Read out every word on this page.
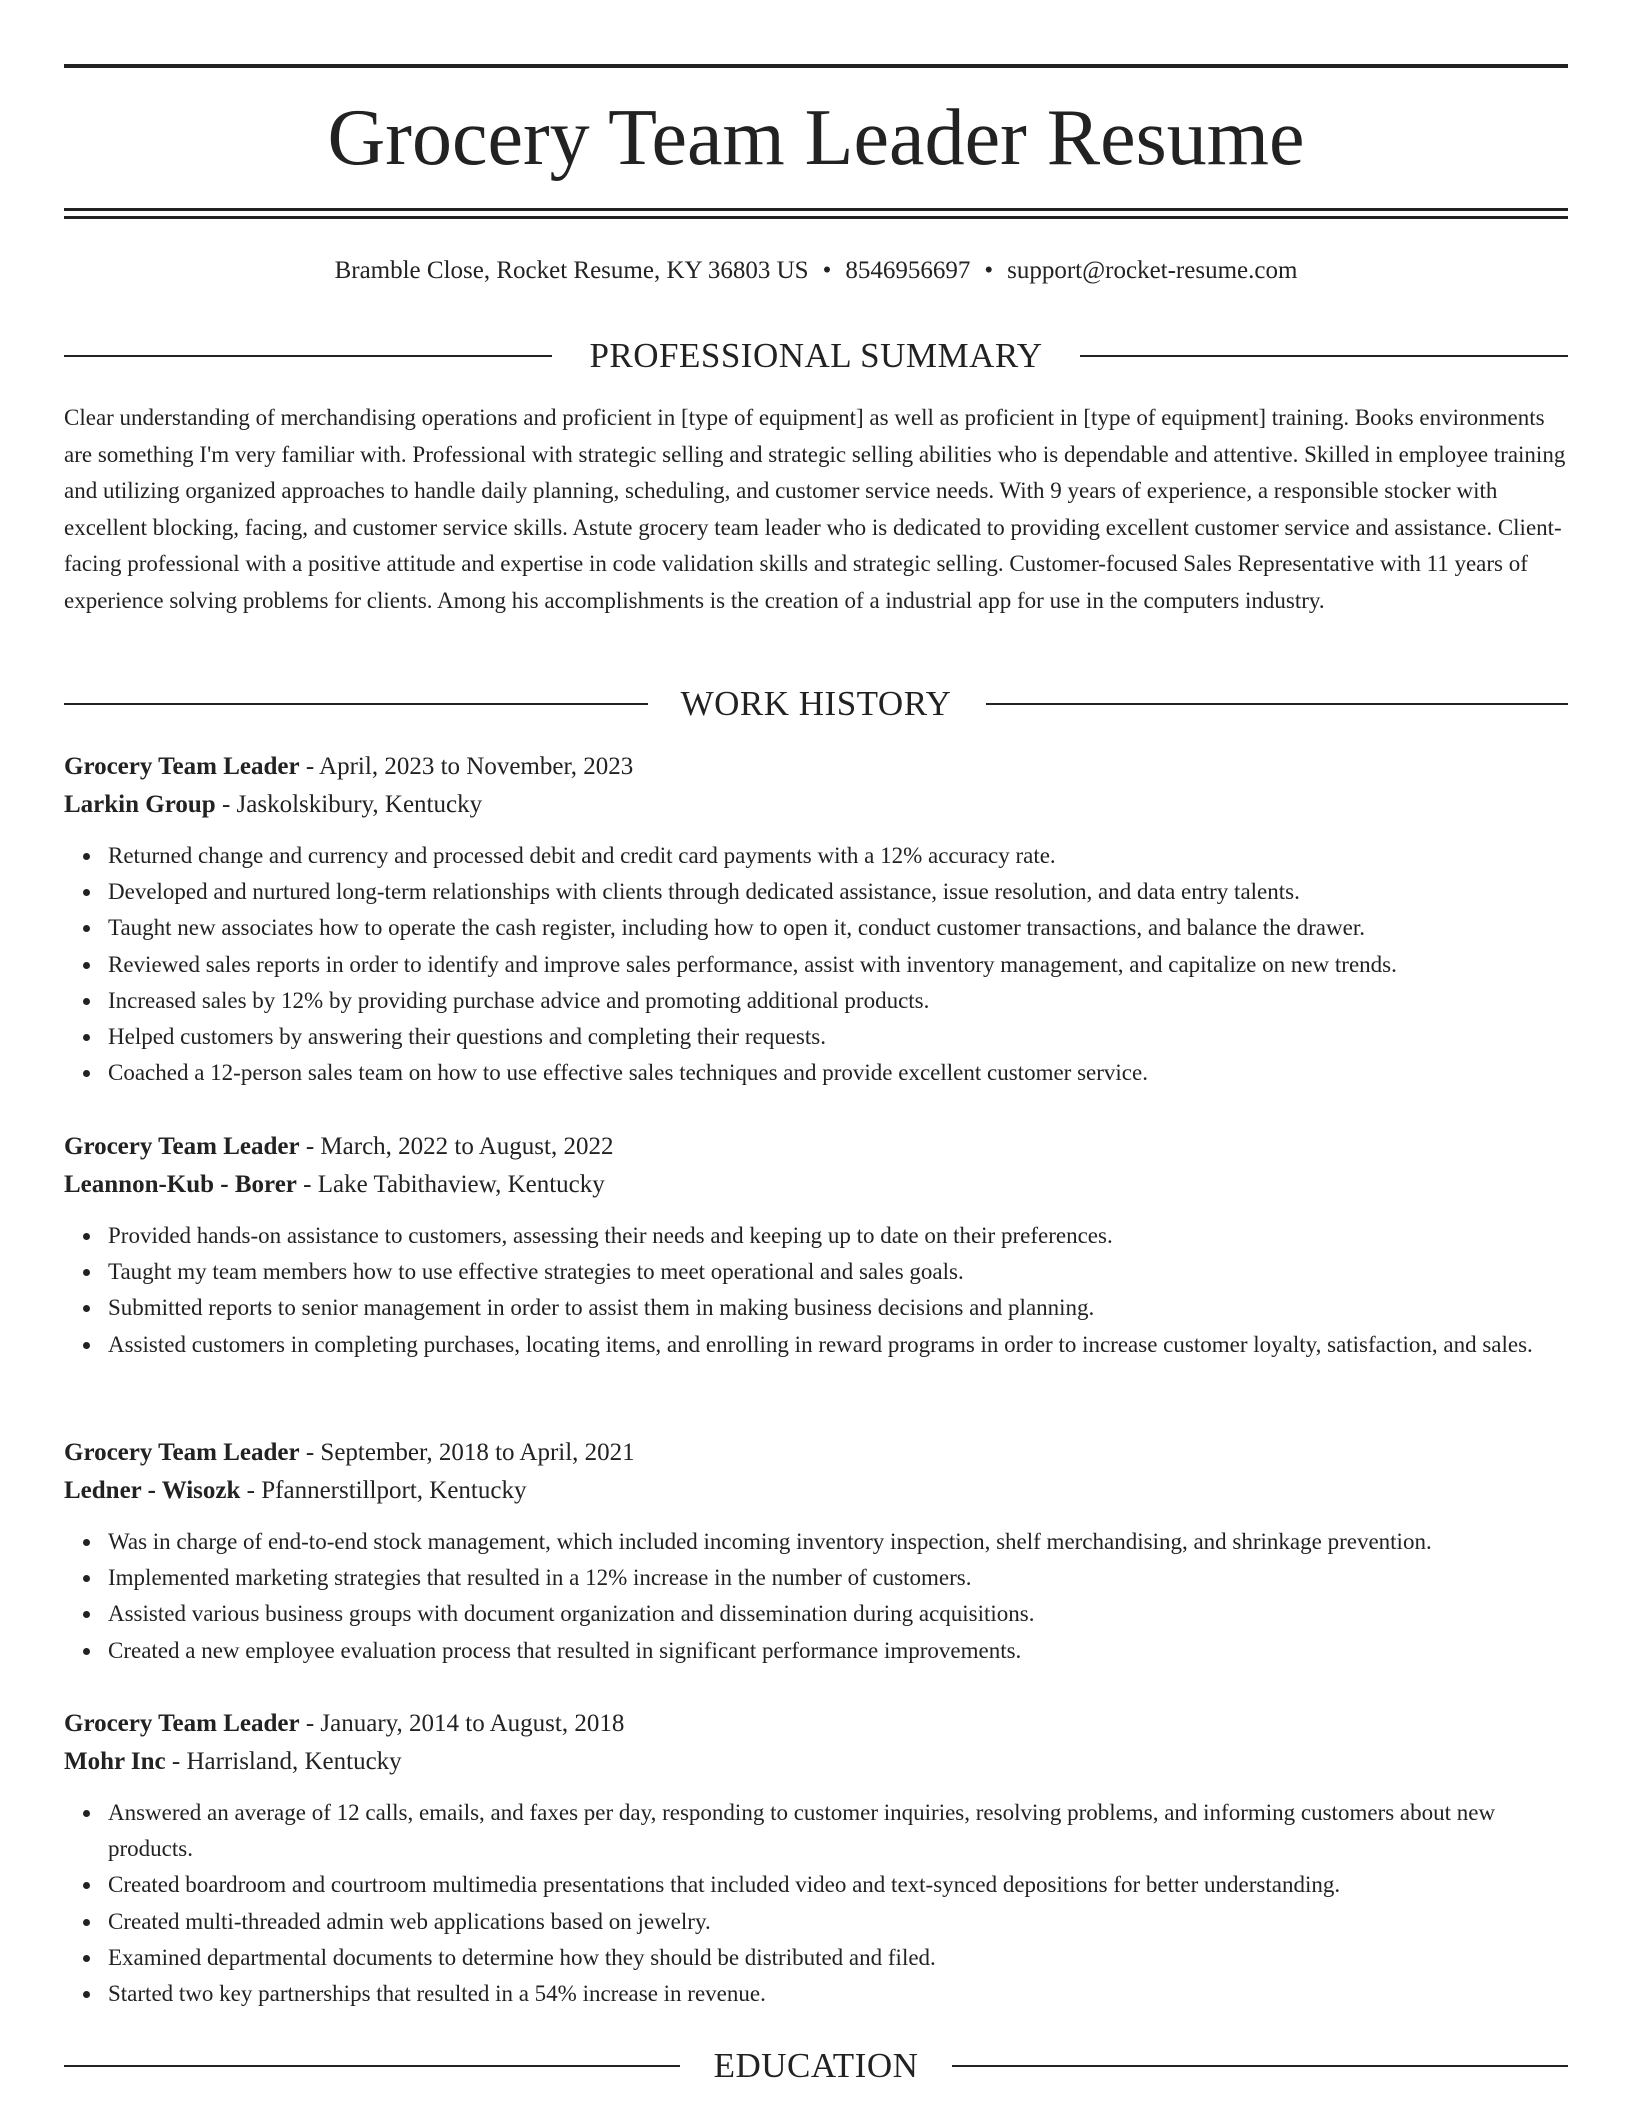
Grocery Team Leader Resume
Bramble Close, Rocket Resume, KY 36803 US • 8546956697 • support@rocket-resume.com
PROFESSIONAL SUMMARY

Clear understanding of merchandising operations and proficient in [type of equipment] as well as proficient in [type of equipment] training. Books environments are something I'm very familiar with. Professional with strategic selling and strategic selling abilities who is dependable and attentive. Skilled in employee training and utilizing organized approaches to handle daily planning, scheduling, and customer service needs. With 9 years of experience, a responsible stocker with excellent blocking, facing, and customer service skills. Astute grocery team leader who is dedicated to providing excellent customer service and assistance. Client-facing professional with a positive attitude and expertise in code validation skills and strategic selling. Customer-focused Sales Representative with 11 years of experience solving problems for clients. Among his accomplishments is the creation of a industrial app for use in the computers industry.

WORK HISTORY
Grocery Team Leader - April, 2023 to November, 2023
Larkin Group - Jaskolskibury, Kentucky
Returned change and currency and processed debit and credit card payments with a 12% accuracy rate.
Developed and nurtured long-term relationships with clients through dedicated assistance, issue resolution, and data entry talents.
Taught new associates how to operate the cash register, including how to open it, conduct customer transactions, and balance the drawer.
Reviewed sales reports in order to identify and improve sales performance, assist with inventory management, and capitalize on new trends.
Increased sales by 12% by providing purchase advice and promoting additional products.
Helped customers by answering their questions and completing their requests.
Coached a 12-person sales team on how to use effective sales techniques and provide excellent customer service.
Grocery Team Leader - March, 2022 to August, 2022
Leannon-Kub - Borer - Lake Tabithaview, Kentucky
Provided hands-on assistance to customers, assessing their needs and keeping up to date on their preferences.
Taught my team members how to use effective strategies to meet operational and sales goals.
Submitted reports to senior management in order to assist them in making business decisions and planning.
Assisted customers in completing purchases, locating items, and enrolling in reward programs in order to increase customer loyalty, satisfaction, and sales.
Grocery Team Leader - September, 2018 to April, 2021
Ledner - Wisozk - Pfannerstillport, Kentucky
Was in charge of end-to-end stock management, which included incoming inventory inspection, shelf merchandising, and shrinkage prevention.
Implemented marketing strategies that resulted in a 12% increase in the number of customers.
Assisted various business groups with document organization and dissemination during acquisitions.
Created a new employee evaluation process that resulted in significant performance improvements.
Grocery Team Leader - January, 2014 to August, 2018
Mohr Inc - Harrisland, Kentucky
Answered an average of 12 calls, emails, and faxes per day, responding to customer inquiries, resolving problems, and informing customers about new products.
Created boardroom and courtroom multimedia presentations that included video and text-synced depositions for better understanding.
Created multi-threaded admin web applications based on jewelry.
Examined departmental documents to determine how they should be distributed and filed.
Started two key partnerships that resulted in a 54% increase in revenue.
EDUCATION
